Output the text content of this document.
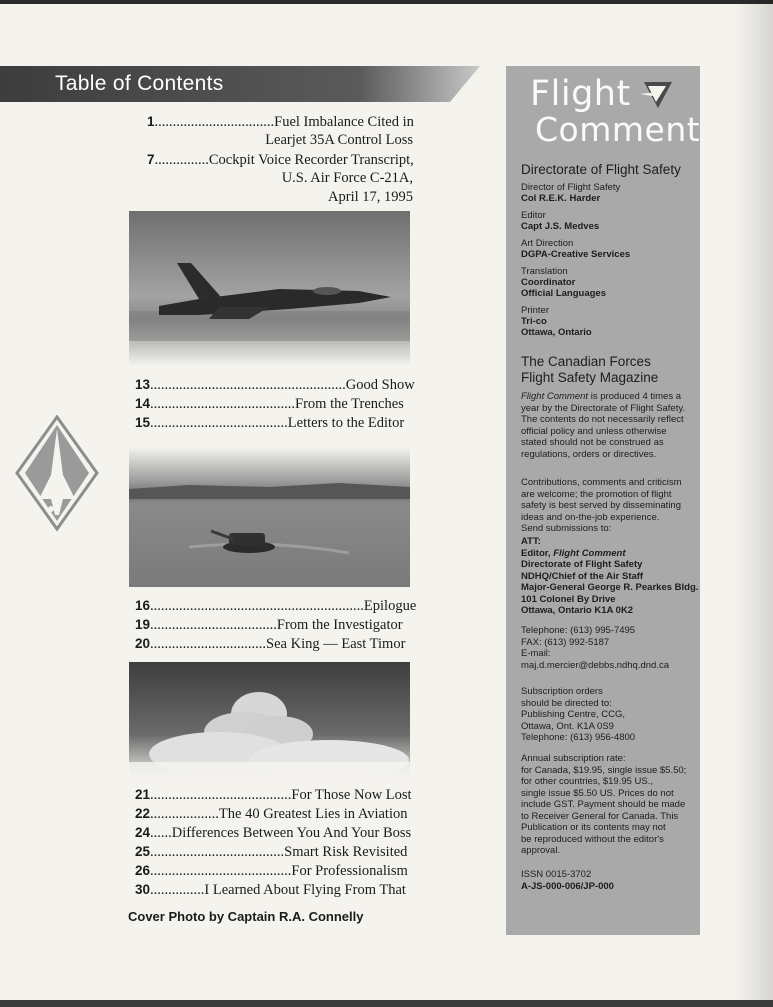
Table of Contents
1.................................Fuel Imbalance Cited in
Learjet 35A Control Loss
7...............Cockpit Voice Recorder Transcript,
U.S. Air Force C-21A,
April 17, 1995
13......................................................Good Show
14........................................From the Trenches
15......................................Letters to the Editor
16...........................................................Epilogue
19...................................From the Investigator
20................................Sea King — East Timor
21.......................................For Those Now Lost
22...................The 40 Greatest Lies in Aviation
24......Differences Between You And Your Boss
25.....................................Smart Risk Revisited
26.......................................For Professionalism
30...............I Learned About Flying From That
Cover Photo by Captain R.A. Connelly
Flight
Comment
Directorate of Flight Safety
Director of Flight Safety
Col R.E.K. Harder
Editor
Capt J.S. Medves
Art Direction
DGPA-Creative Services
Translation
Coordinator
Official Languages
Printer
Tri-co
Ottawa, Ontario
The Canadian Forces
Flight Safety Magazine
Flight Comment is produced 4 times a
year by the Directorate of Flight Safety.
The contents do not necessarily reflect
official policy and unless otherwise
stated should not be construed as
regulations, orders or directives.
Contributions, comments and criticism
are welcome; the promotion of flight
safety is best served by disseminating
ideas and on-the-job experience.
Send submissions to:
ATT:
Editor, Flight Comment
Directorate of Flight Safety
NDHQ/Chief of the Air Staff
Major-General George R. Pearkes Bldg.
101 Colonel By Drive
Ottawa, Ontario K1A 0K2
Telephone: (613) 995-7495
FAX: (613) 992-5187
E-mail:
maj.d.mercier@debbs.ndhq.dnd.ca
Subscription orders
should be directed to:
Publishing Centre, CCG,
Ottawa, Ont. K1A 0S9
Telephone: (613) 956-4800
Annual subscription rate:
for Canada, $19.95, single issue $5.50;
for other countries, $19.95 US.,
single issue $5.50 US. Prices do not
include GST. Payment should be made
to Receiver General for Canada. This
Publication or its contents may not
be reproduced without the editor's
approval.
ISSN 0015-3702
A-JS-000-006/JP-000
